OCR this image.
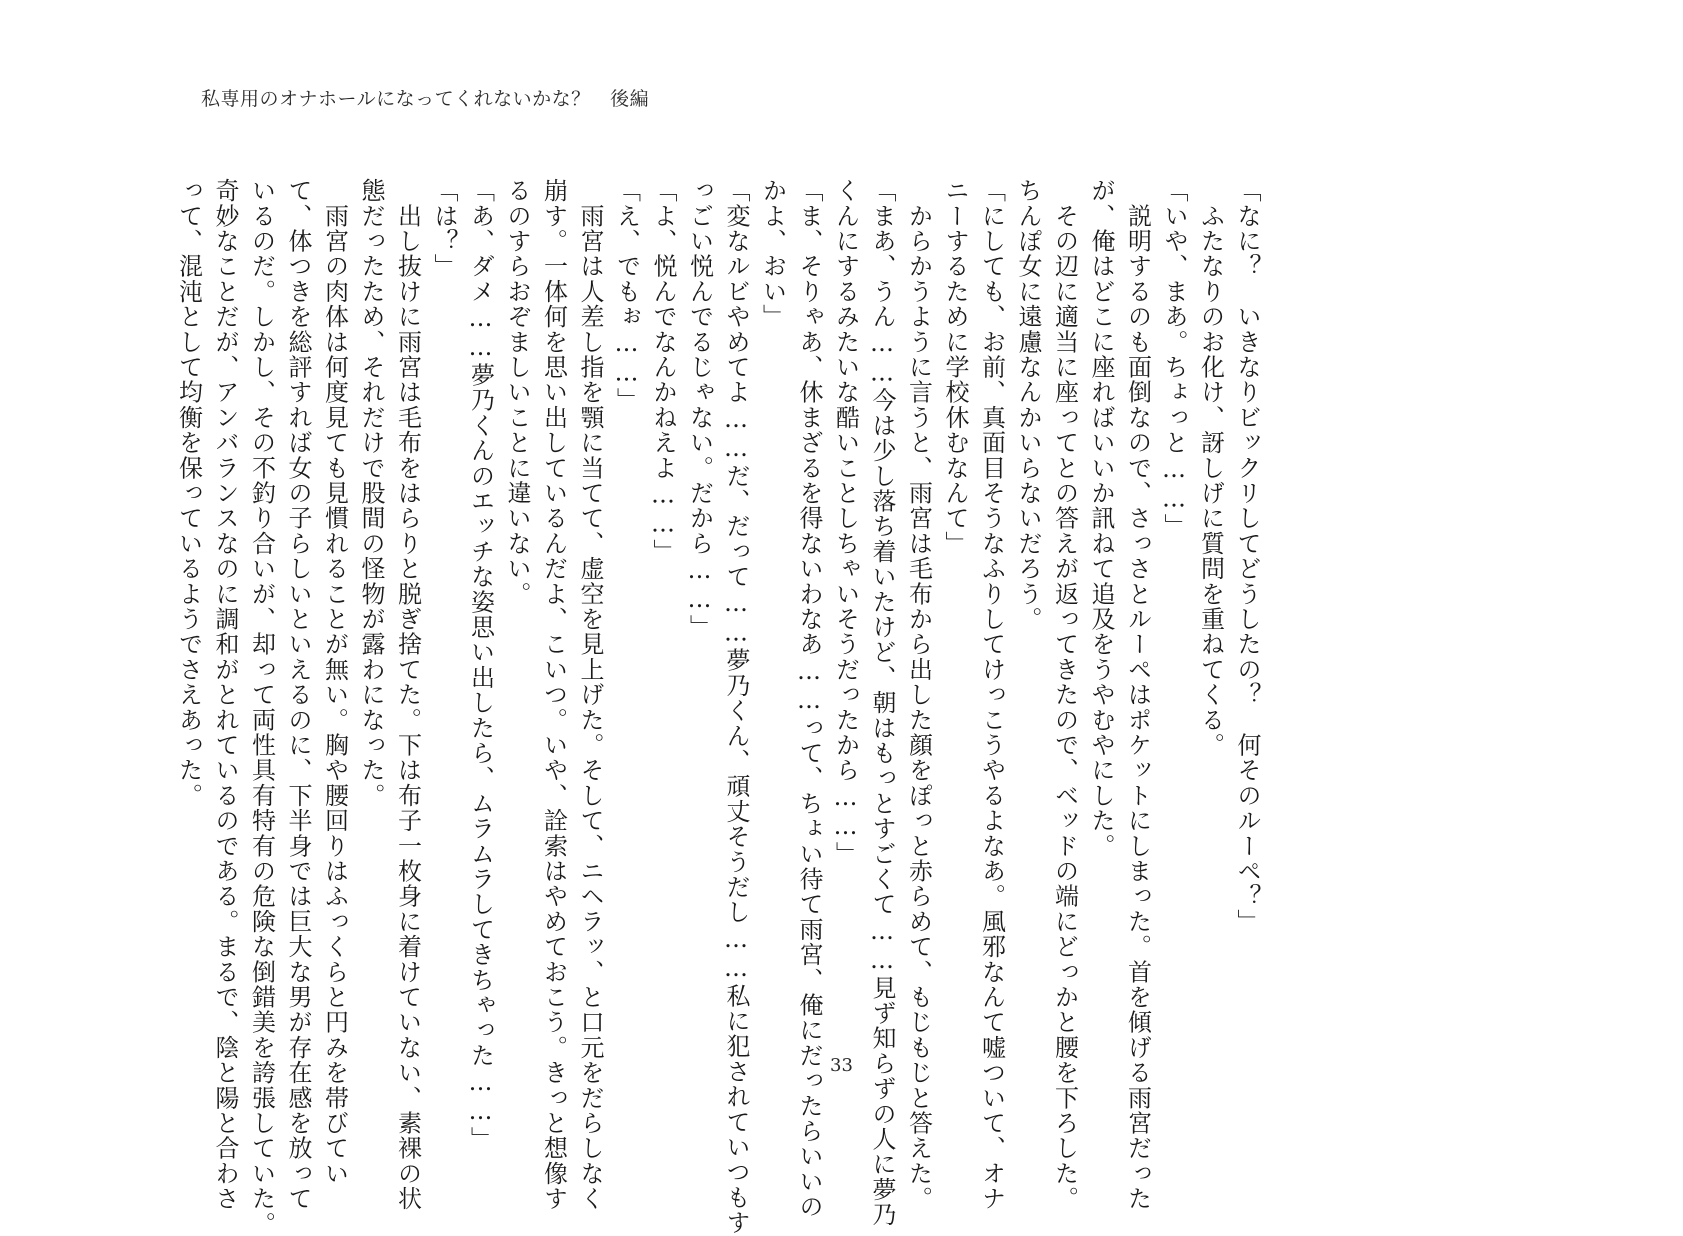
私専用のオナホールになってくれないかな？　後編

「なに？　いきなりビックリしてどうしたの？　何そのルーペ？」

　ふたなりのお化け、訝しげに質問を重ねてくる。

「いや、まあ。ちょっと……」

　説明するのも面倒なので、さっさとルーペはポケットにしまった。首を傾げる雨宮だった

が、俺はどこに座ればいいか訊ねて追及をうやむやにした。

　その辺に適当に座ってとの答えが返ってきたので、ベッドの端にどっかと腰を下ろした。

ちんぽ女に遠慮なんかいらないだろう。

「にしても、お前、真面目そうなふりしてけっこうやるよなあ。風邪なんて嘘ついて、オナ

ニーするために学校休むなんて」

　からかうように言うと、雨宮は毛布から出した顔をぽっと赤らめて、もじもじと答えた。

「まあ、うん……今は少し落ち着いたけど、朝はもっとすごくて……見ず知らずの人に夢乃

くんにするみたいな酷いことしちゃいそうだったから……」

「ま、そりゃあ、休まざるを得ないわなあ……って、ちょい待て雨宮、俺にだったらいいの

かよ、おい」

「変なルビやめてよ……だ、だって……夢乃くん、頑丈そうだし……私に犯されていつもす

っごい悦んでるじゃない。だから……」

「よ、悦んでなんかねえよ……」

「え、でもぉ……」

　雨宮は人差し指を顎に当てて、虚空を見上げた。そして、ニヘラッ、と口元をだらしなく

崩す。一体何を思い出しているんだよ、こいつ。いや、詮索はやめておこう。きっと想像す

るのすらおぞましいことに違いない。

「あ、ダメ……夢乃くんのエッチな姿思い出したら、ムラムラしてきちゃった……」

「は？」

　出し抜けに雨宮は毛布をはらりと脱ぎ捨てた。下は布子一枚身に着けていない、素裸の状

態だったため、それだけで股間の怪物が露わになった。

　雨宮の肉体は何度見ても見慣れることが無い。胸や腰回りはふっくらと円みを帯びてい

て、体つきを総評すれば女の子らしいといえるのに、下半身では巨大な男が存在感を放って

いるのだ。しかし、その不釣り合いが、却って両性具有特有の危険な倒錯美を誇張していた。

奇妙なことだが、アンバランスなのに調和がとれているのである。まるで、陰と陽と合わさ

って、混沌として均衡を保っているようでさえあった。

33
